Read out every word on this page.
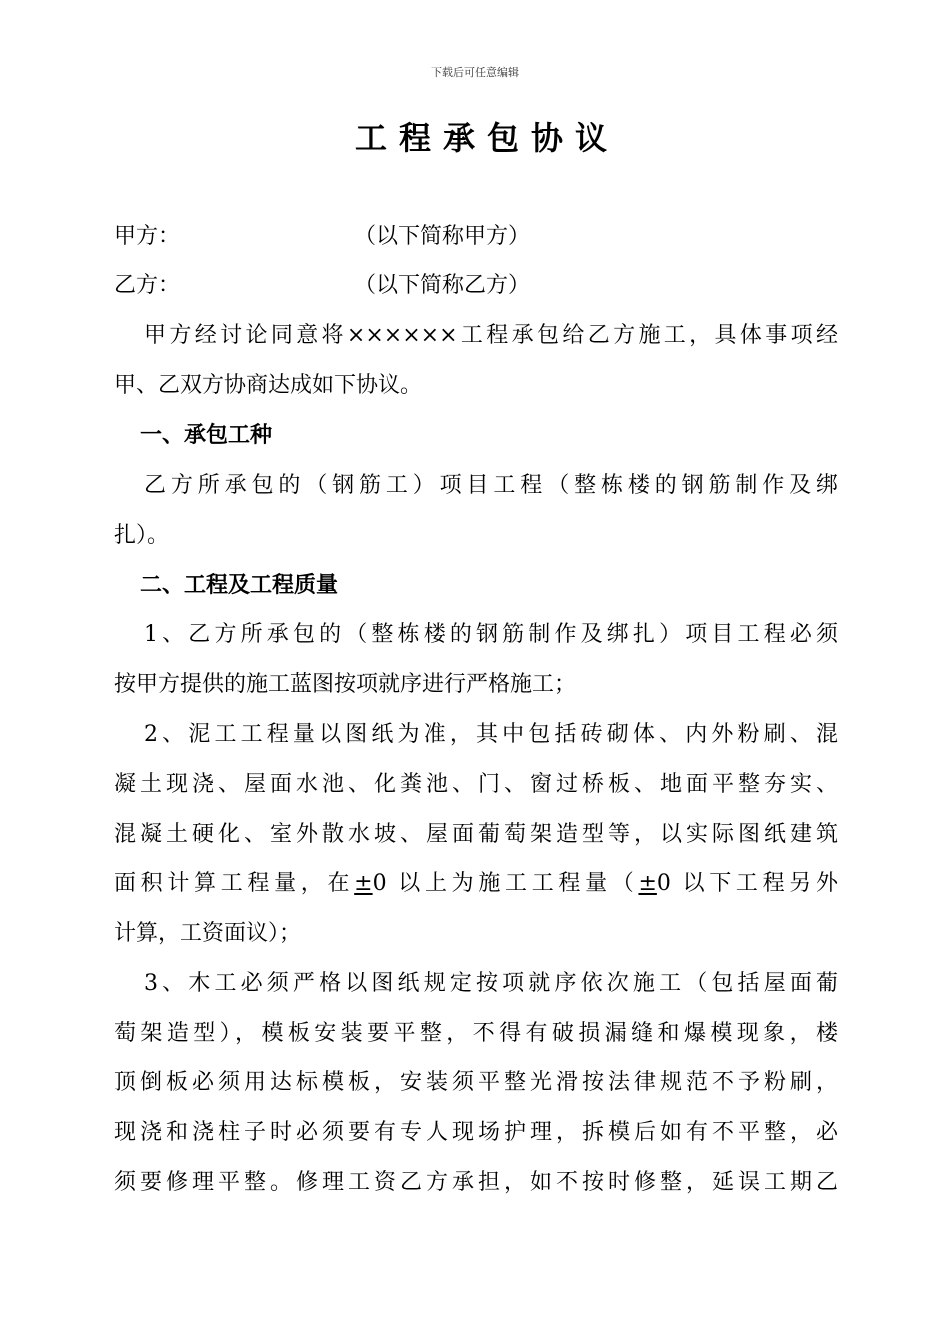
下载后可任意编辑
工程承包协议
甲方：	（以下简称甲方）
乙方：	（以下简称乙方）
甲方经讨论同意将××××××工程承包给乙方施工，具体事项经
甲、乙双方协商达成如下协议。
一、承包工种
乙方所承包的（钢筋工）项目工程（整栋楼的钢筋制作及绑
扎）。
二、工程及工程质量
1、乙方所承包的（整栋楼的钢筋制作及绑扎）项目工程必须
按甲方提供的施工蓝图按项就序进行严格施工；
2、泥工工程量以图纸为准，其中包括砖砌体、内外粉刷、混
凝土现浇、屋面水池、化粪池、门、窗过桥板、地面平整夯实、
混凝土硬化、室外散水坡、屋面葡萄架造型等，以实际图纸建筑
面积计算工程量，在±0 以上为施工工程量（±0 以下工程另外
计算，工资面议）；
3、木工必须严格以图纸规定按项就序依次施工（包括屋面葡
萄架造型），模板安装要平整，不得有破损漏缝和爆模现象，楼
顶倒板必须用达标模板，安装须平整光滑按法律规范不予粉刷，
现浇和浇柱子时必须要有专人现场护理，拆模后如有不平整，必
须要修理平整。修理工资乙方承担，如不按时修整，延误工期乙
